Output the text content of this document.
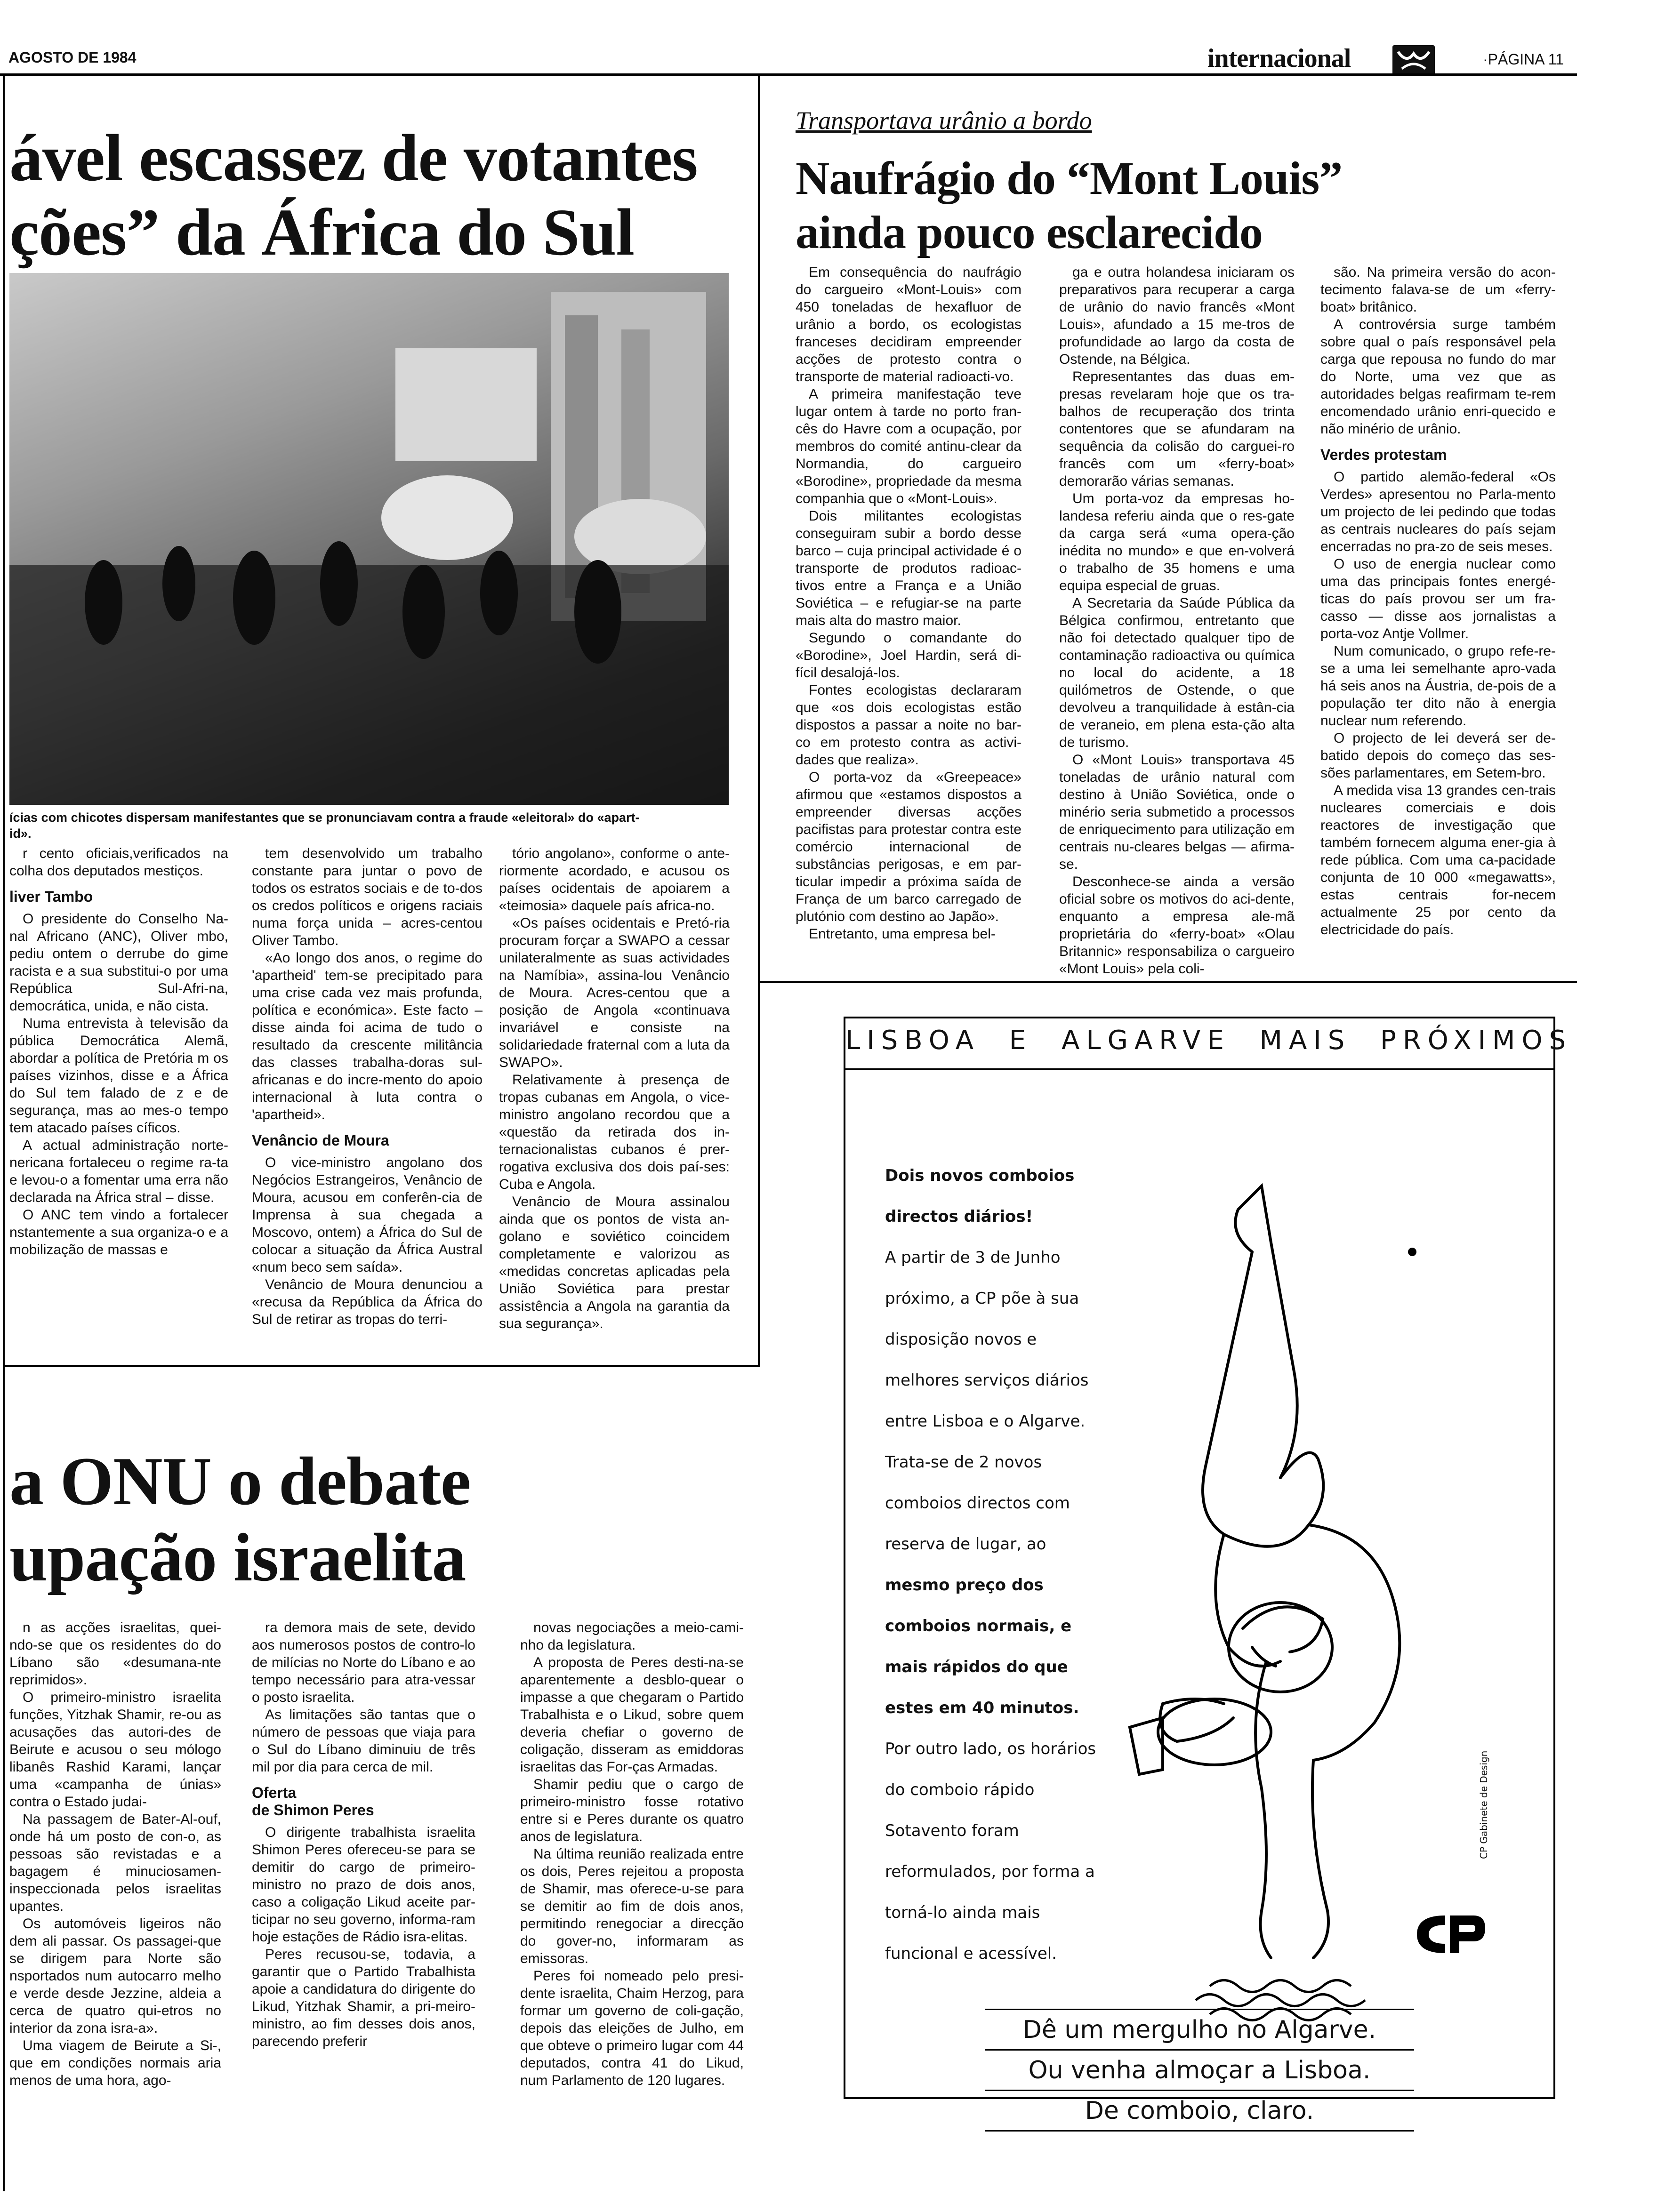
AGOSTO DE 1984	internacional	·PÁGINA 11
ável escassez de votantes
ções” da África do Sul
ícias com chicotes dispersam manifestantes que se pronunciavam contra a fraude «eleitoral» do «apart-
id».

r cento oficiais,verificados na colha dos deputados mestiços.

liver Tambo

O presidente do Conselho Na-nal Africano (ANC), Oliver mbo, pediu ontem o derrube do gime racista e a sua substitui-o por uma República Sul-Afri-na, democrática, unida, e não cista.

Numa entrevista à televisão da pública Democrática Alemã, abordar a política de Pretória m os países vizinhos, disse e a África do Sul tem falado de z e de segurança, mas ao mes-o tempo tem atacado países cíficos.

A actual administração norte-nericana fortaleceu o regime ra-ta e levou-o a fomentar uma erra não declarada na África stral – disse.

O ANC tem vindo a fortalecer nstantemente a sua organiza-o e a mobilização de massas e

tem desenvolvido um trabalho constante para juntar o povo de todos os estratos sociais e de to-dos os credos políticos e origens raciais numa força unida – acres-centou Oliver Tambo.

«Ao longo dos anos, o regime do 'apartheid' tem-se precipitado para uma crise cada vez mais profunda, política e económica». Este facto – disse ainda foi acima de tudo o resultado da crescente militância das classes trabalha-doras sul-africanas e do incre-mento do apoio internacional à luta contra o 'apartheid».

Venâncio de Moura

O vice-ministro angolano dos Negócios Estrangeiros, Venâncio de Moura, acusou em conferên-cia de Imprensa à sua chegada a Moscovo, ontem) a África do Sul de colocar a situação da África Austral «num beco sem saída».

Venâncio de Moura denunciou a «recusa da República da África do Sul de retirar as tropas do terri-

tório angolano», conforme o ante-riormente acordado, e acusou os países ocidentais de apoiarem a «teimosia» daquele país africa-no.

«Os países ocidentais e Pretó-ria procuram forçar a SWAPO a cessar unilateralmente as suas actividades na Namíbia», assina-lou Venâncio de Moura. Acres-centou que a posição de Angola «continuava invariável e consiste na solidariedade fraternal com a luta da SWAPO».

Relativamente à presença de tropas cubanas em Angola, o vice-ministro angolano recordou que a «questão da retirada dos in-ternacionalistas cubanos é prer-rogativa exclusiva dos dois paí-ses: Cuba e Angola.

Venâncio de Moura assinalou ainda que os pontos de vista an-golano e soviético coincidem completamente e valorizou as «medidas concretas aplicadas pela União Soviética para prestar assistência a Angola na garantia da sua segurança».

Transportava urânio a bordo
Naufrágio do “Mont Louis”
ainda pouco esclarecido

Em consequência do naufrágio do cargueiro «Mont-Louis» com 450 toneladas de hexafluor de urânio a bordo, os ecologistas franceses decidiram empreender acções de protesto contra o transporte de material radioacti-vo.

A primeira manifestação teve lugar ontem à tarde no porto fran-cês do Havre com a ocupação, por membros do comité antinu-clear da Normandia, do cargueiro «Borodine», propriedade da mesma companhia que o «Mont-Louis».

Dois militantes ecologistas conseguiram subir a bordo desse barco – cuja principal actividade é o transporte de produtos radioac-tivos entre a França e a União Soviética – e refugiar-se na parte mais alta do mastro maior.

Segundo o comandante do «Borodine», Joel Hardin, será di-fícil desalojá-los.

Fontes ecologistas declararam que «os dois ecologistas estão dispostos a passar a noite no bar-co em protesto contra as activi-dades que realiza».

O porta-voz da «Greepeace» afirmou que «estamos dispostos a empreender diversas acções pacifistas para protestar contra este comércio internacional de substâncias perigosas, e em par-ticular impedir a próxima saída de França de um barco carregado de plutónio com destino ao Japão».

Entretanto, uma empresa bel-

ga e outra holandesa iniciaram os preparativos para recuperar a carga de urânio do navio francês «Mont Louis», afundado a 15 me-tros de profundidade ao largo da costa de Ostende, na Bélgica.

Representantes das duas em-presas revelaram hoje que os tra-balhos de recuperação dos trinta contentores que se afundaram na sequência da colisão do carguei-ro francês com um «ferry-boat» demorarão várias semanas.

Um porta-voz da empresas ho-landesa referiu ainda que o res-gate da carga será «uma opera-ção inédita no mundo» e que en-volverá o trabalho de 35 homens e uma equipa especial de gruas.

A Secretaria da Saúde Pública da Bélgica confirmou, entretanto que não foi detectado qualquer tipo de contaminação radioactiva ou química no local do acidente, a 18 quilómetros de Ostende, o que devolveu a tranquilidade à estân-cia de veraneio, em plena esta-ção alta de turismo.

O «Mont Louis» transportava 45 toneladas de urânio natural com destino à União Soviética, onde o minério seria submetido a processos de enriquecimento para utilização em centrais nu-cleares belgas — afirma-se.

Desconhece-se ainda a versão oficial sobre os motivos do aci-dente, enquanto a empresa ale-mã proprietária do «ferry-boat» «Olau Britannic» responsabiliza o cargueiro «Mont Louis» pela coli-

são. Na primeira versão do acon-tecimento falava-se de um «ferry-boat» britânico.

A controvérsia surge também sobre qual o país responsável pela carga que repousa no fundo do mar do Norte, uma vez que as autoridades belgas reafirmam te-rem encomendado urânio enri-quecido e não minério de urânio.

Verdes protestam

O partido alemão-federal «Os Verdes» apresentou no Parla-mento um projecto de lei pedindo que todas as centrais nucleares do país sejam encerradas no pra-zo de seis meses.

O uso de energia nuclear como uma das principais fontes energé-ticas do país provou ser um fra-casso — disse aos jornalistas a porta-voz Antje Vollmer.

Num comunicado, o grupo refe-re-se a uma lei semelhante apro-vada há seis anos na Áustria, de-pois de a população ter dito não à energia nuclear num referendo.

O projecto de lei deverá ser de-batido depois do começo das ses-sões parlamentares, em Setem-bro.

A medida visa 13 grandes cen-trais nucleares comerciais e dois reactores de investigação que também fornecem alguma ener-gia à rede pública. Com uma ca-pacidade conjunta de 10 000 «megawatts», estas centrais for-necem actualmente 25 por cento da electricidade do país.

a ONU o debate
upação israelita

n as acções israelitas, quei-ndo-se que os residentes do do Líbano são «desumana-nte reprimidos».

O primeiro-ministro israelita funções, Yitzhak Shamir, re-ou as acusações das autori-des de Beirute e acusou o seu mólogo libanês Rashid Karami, lançar uma «campanha de únias» contra o Estado judai-

Na passagem de Bater-Al-ouf, onde há um posto de con-o, as pessoas são revistadas e a bagagem é minuciosamen-inspeccionada pelos israelitas upantes.

Os automóveis ligeiros não dem ali passar. Os passagei-que se dirigem para Norte são nsportados num autocarro melho e verde desde Jezzine, aldeia a cerca de quatro qui-etros no interior da zona isra-a».

Uma viagem de Beirute a Si-, que em condições normais aria menos de uma hora, ago-

ra demora mais de sete, devido aos numerosos postos de contro-lo de milícias no Norte do Líbano e ao tempo necessário para atra-vessar o posto israelita.

As limitações são tantas que o número de pessoas que viaja para o Sul do Líbano diminuiu de três mil por dia para cerca de mil.

Oferta
de Shimon Peres

O dirigente trabalhista israelita Shimon Peres ofereceu-se para se demitir do cargo de primeiro-ministro no prazo de dois anos, caso a coligação Likud aceite par-ticipar no seu governo, informa-ram hoje estações de Rádio isra-elitas.

Peres recusou-se, todavia, a garantir que o Partido Trabalhista apoie a candidatura do dirigente do Likud, Yitzhak Shamir, a pri-meiro-ministro, ao fim desses dois anos, parecendo preferir

novas negociações a meio-cami-nho da legislatura.

A proposta de Peres desti-na-se aparentemente a desblo-quear o impasse a que chegaram o Partido Trabalhista e o Likud, sobre quem deveria chefiar o governo de coligação, disseram as emiddoras israelitas das For-ças Armadas.

Shamir pediu que o cargo de primeiro-ministro fosse rotativo entre si e Peres durante os quatro anos de legislatura.

Na última reunião realizada entre os dois, Peres rejeitou a proposta de Shamir, mas oferece-u-se para se demitir ao fim de dois anos, permitindo renegociar a direcção do gover-no, informaram as emissoras.

Peres foi nomeado pelo presi-dente israelita, Chaim Herzog, para formar um governo de coli-gação, depois das eleições de Julho, em que obteve o primeiro lugar com 44 deputados, contra 41 do Likud, num Parlamento de 120 lugares.

LISBOA E ALGARVE MAIS PRÓXIMOS
Dois novos comboios
directos diários!
A partir de 3 de Junho
próximo, a CP põe à sua
disposição novos e
melhores serviços diários
entre Lisboa e o Algarve.
Trata-se de 2 novos
comboios directos com
reserva de lugar, ao
mesmo preço dos
comboios normais, e
mais rápidos do que
estes em 40 minutos.
Por outro lado, os horários
do comboio rápido
Sotavento foram
reformulados, por forma a
torná-lo ainda mais
funcional e acessível.
CP Gabinete de Design
Dê um mergulho no Algarve.
Ou venha almoçar a Lisboa.
De comboio, claro.
